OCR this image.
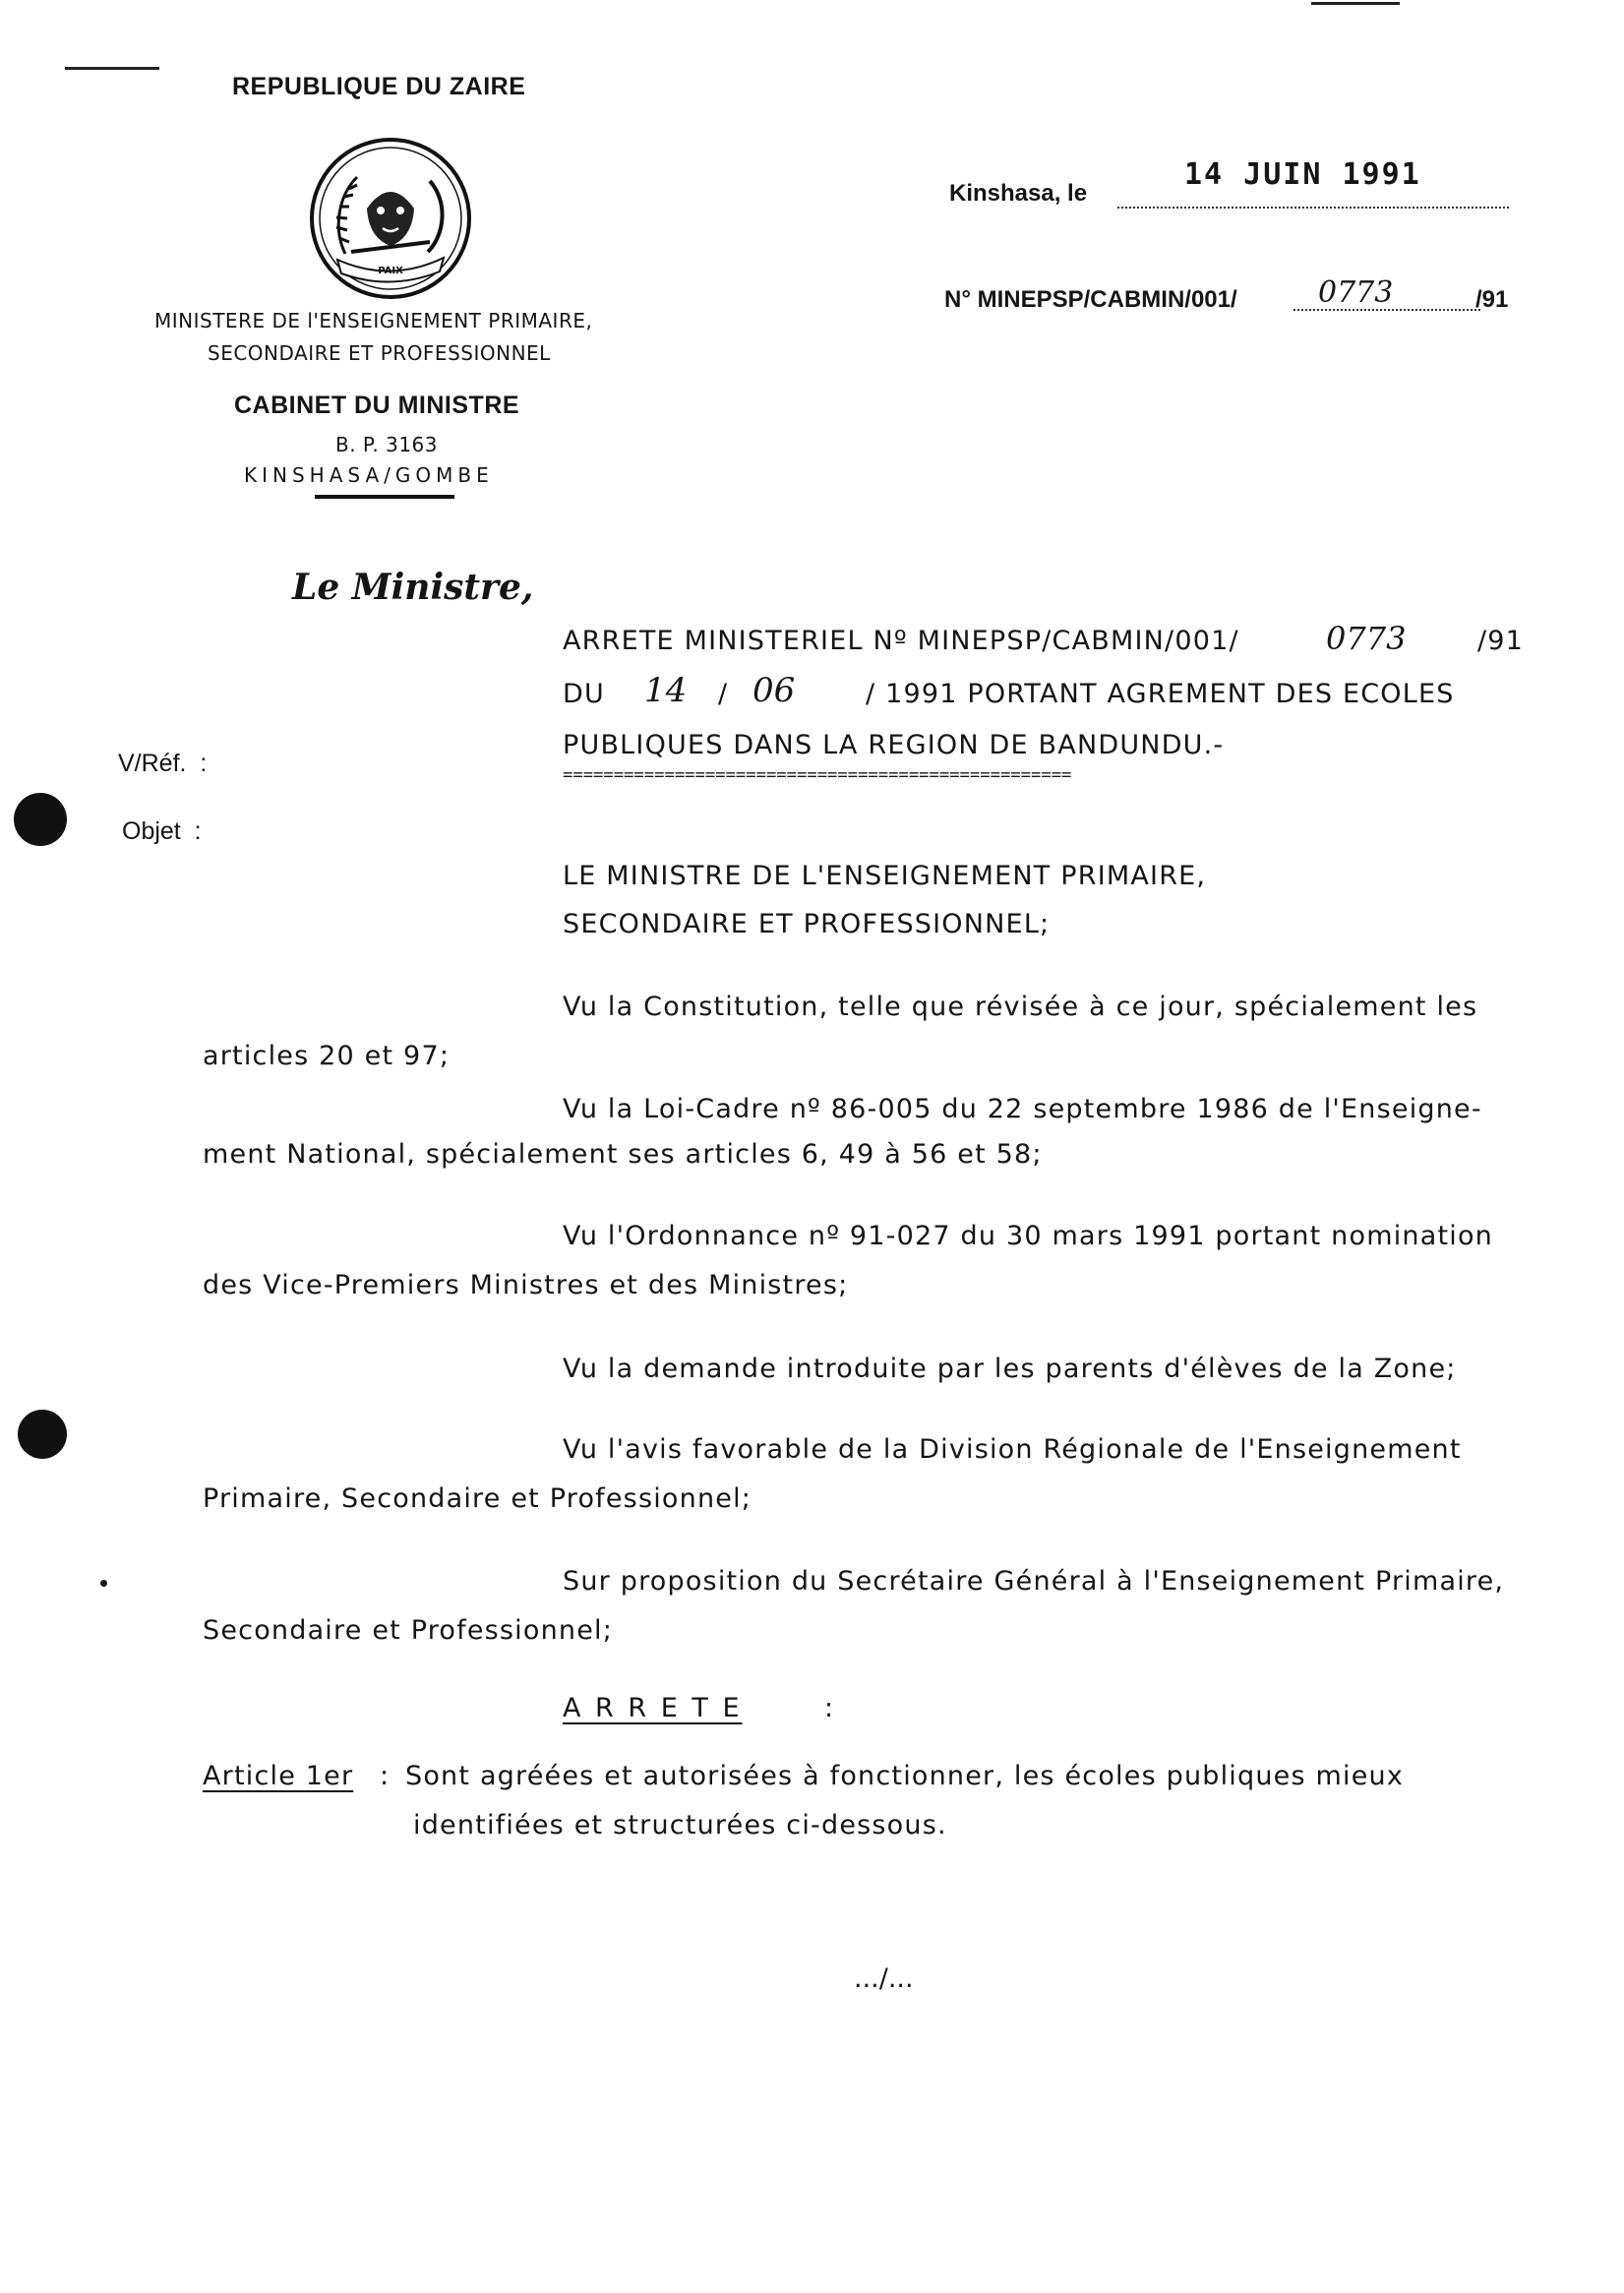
REPUBLIQUE DU ZAIRE
PAIX
MINISTERE DE l'ENSEIGNEMENT PRIMAIRE,
SECONDAIRE ET PROFESSIONNEL
CABINET DU MINISTRE
B. P. 3163
KINSHASA/GOMBE
Kinshasa, le
14 JUIN 1991
N° MINEPSP/CABMIN/001/	0773	/91
Le Ministre,
V/Réf.  :
Objet  :
ARRETE MINISTERIEL Nº MINEPSP/CABMIN/001/	0773	/91
DU 14 / 06	/ 1991 PORTANT AGREMENT DES ECOLES
PUBLIQUES DANS LA REGION DE BANDUNDU.-
==================================================
LE MINISTRE DE L'ENSEIGNEMENT PRIMAIRE,
SECONDAIRE ET PROFESSIONNEL;
Vu la Constitution, telle que révisée à ce jour, spécialement les
articles 20 et 97;
Vu la Loi-Cadre nº 86-005 du 22 septembre 1986 de l'Enseigne-
ment National, spécialement ses articles 6, 49 à 56 et 58;
Vu l'Ordonnance nº 91-027 du 30 mars 1991 portant nomination
des Vice-Premiers Ministres et des Ministres;
Vu la demande introduite par les parents d'élèves de la Zone;
Vu l'avis favorable de la Division Régionale de l'Enseignement
Primaire, Secondaire et Professionnel;
Sur proposition du Secrétaire Général à l'Enseignement Primaire,
Secondaire et Professionnel;
A R R E T E	:
Article 1er : Sont agréées et autorisées à fonctionner, les écoles publiques mieux
identifiées et structurées ci-dessous.
.../...
